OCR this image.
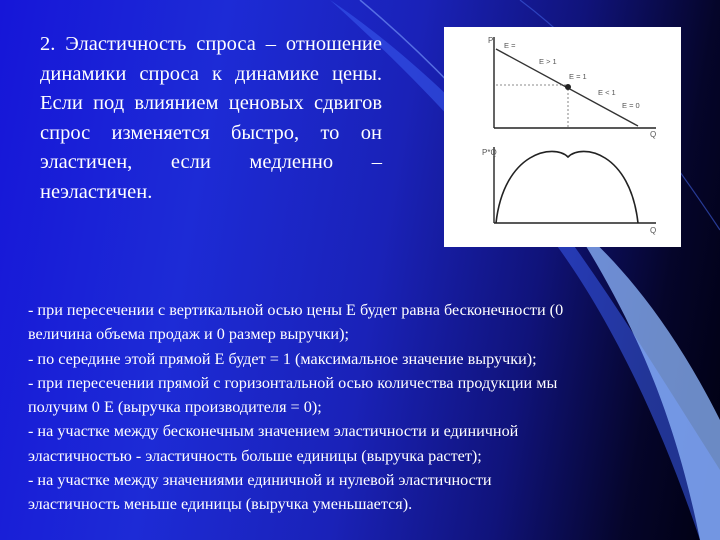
2. Эластичность спроса – отношение динамики спроса к динамике цены. Если под влиянием ценовых сдвигов спрос изменяется быстро, то он эластичен, если медленно – неэластичен.

P
Q
E =
E > 1
E = 1
E < 1
E = 0
P*Q
Q
- при пересечении с вертикальной осью цены Е будет равна бесконечности (0
величина объема продаж и 0 размер выручки);
- по середине этой прямой Е будет = 1 (максимальное значение выручки);
- при пересечении прямой с горизонтальной осью количества продукции мы
получим 0 Е (выручка производителя = 0);
- на участке между бесконечным значением эластичности и единичной
эластичностью - эластичность больше единицы (выручка растет);
- на участке между значениями единичной и нулевой эластичности
эластичность меньше единицы (выручка уменьшается).
